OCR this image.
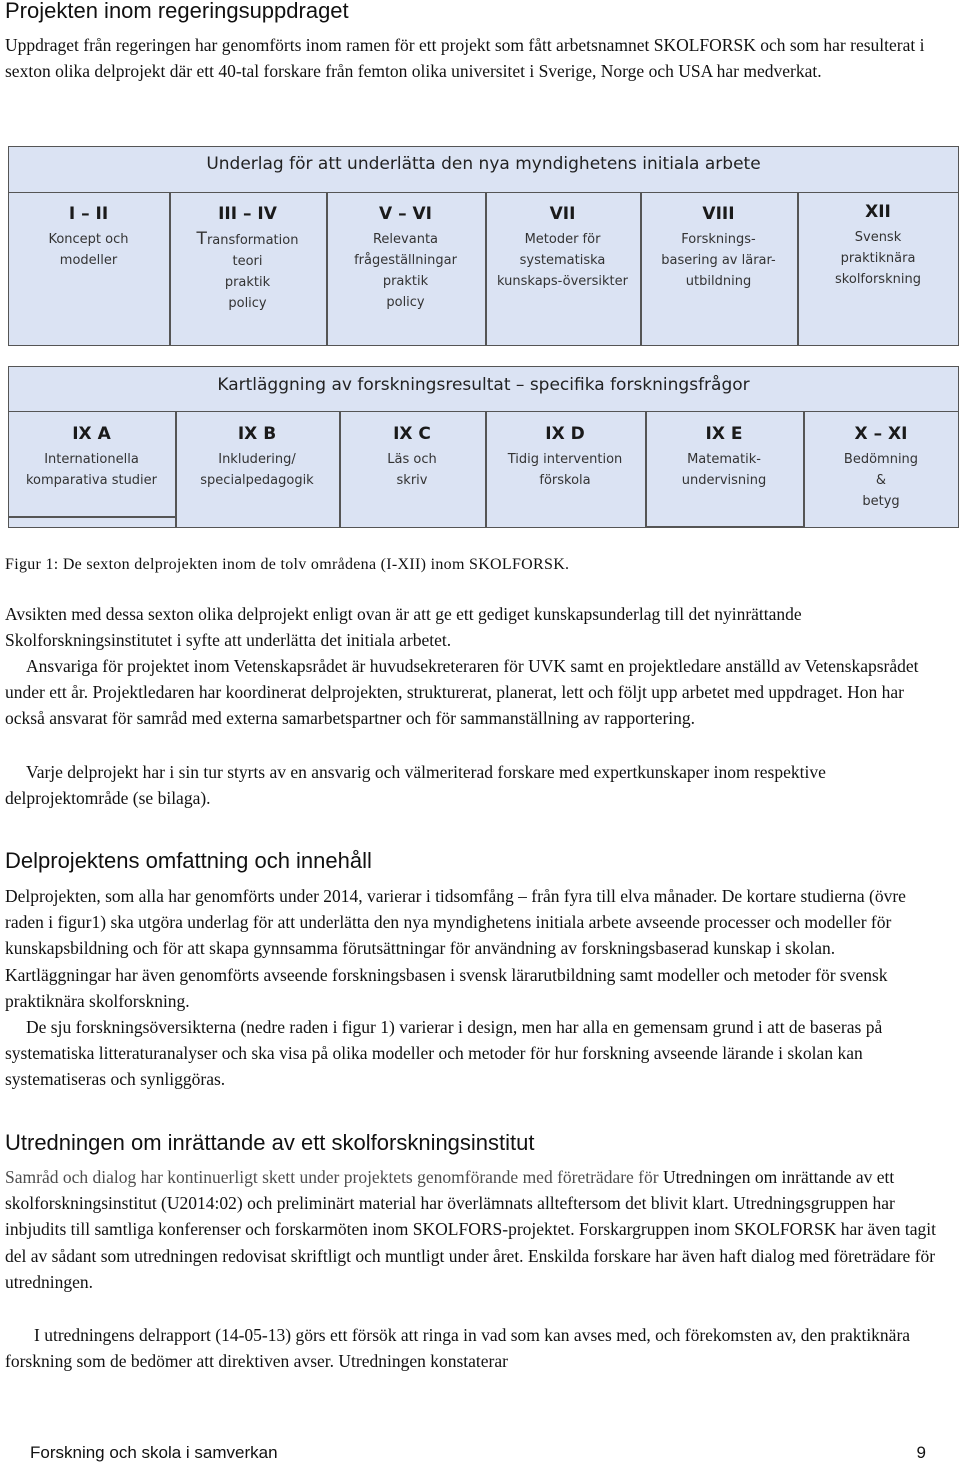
Projekten inom regeringsuppdraget

Uppdraget från regeringen har genomförts inom ramen för ett projekt som fått arbetsnamnet SKOLFORSK och som har resulterat i sexton olika delprojekt där ett 40-tal forskare från femton olika universitet i Sverige, Norge och USA har medverkat.

Underlag för att underlätta den nya myndighetens initiala arbete
I – II
Koncept och
modeller
III – IV
Transformation
teori
praktik
policy
V – VI
Relevanta
frågeställningar
praktik
policy
VII
Metoder för
systematiska
kunskaps-översikter
VIII
Forsknings-
basering av lärar-
utbildning
XII
Svensk
praktiknära
skolforskning
Kartläggning av forskningsresultat – specifika forskningsfrågor
IX A
Internationella
komparativa studier
IX B
Inkludering/
specialpedagogik
IX C
Läs och
skriv
IX D
Tidig intervention
förskola
IX E
Matematik-
undervisning
X – XI
Bedömning
&
betyg
Figur 1: De sexton delprojekten inom de tolv områdena (I-XII) inom SKOLFORSK.

Avsikten med dessa sexton olika delprojekt enligt ovan är att ge ett gediget kunskapsunderlag till det nyinrättande Skolforskningsinstitutet i syfte att underlätta det initiala arbetet.

Ansvariga för projektet inom Vetenskapsrådet är huvudsekreteraren för UVK samt en projektledare anställd av Vetenskapsrådet under ett år. Projektledaren har koordinerat delprojekten, strukturerat, planerat, lett och följt upp arbetet med uppdraget. Hon har också ansvarat för samråd med externa samarbetspartner och för sammanställning av rapportering.

Varje delprojekt har i sin tur styrts av en ansvarig och välmeriterad forskare med expertkunskaper inom respektive delprojektområde (se bilaga).

Delprojektens omfattning och innehåll

Delprojekten, som alla har genomförts under 2014, varierar i tidsomfång – från fyra till elva månader. De kortare studierna (övre raden i figur1) ska utgöra underlag för att underlätta den nya myndighetens initiala arbete avseende processer och modeller för kunskapsbildning och för att skapa gynnsamma förutsättningar för användning av forskningsbaserad kunskap i skolan. Kartläggningar har även genomförts avseende forskningsbasen i svensk lärarutbildning samt modeller och metoder för svensk praktiknära skolforskning.

De sju forskningsöversikterna (nedre raden i figur 1) varierar i design, men har alla en gemensam grund i att de baseras på systematiska litteraturanalyser och ska visa på olika modeller och metoder för hur forskning avseende lärande i skolan kan systematiseras och synliggöras.

Utredningen om inrättande av ett skolforskningsinstitut

Samråd och dialog har kontinuerligt skett under projektets genomförande med företrädare för Utredningen om inrättande av ett skolforskningsinstitut (U2014:02) och preliminärt material har överlämnats allteftersom det blivit klart. Utredningsgruppen har inbjudits till samtliga konferenser och forskarmöten inom SKOLFORS-projektet. Forskargruppen inom SKOLFORSK har även tagit del av sådant som utredningen redovisat skriftligt och muntligt under året. Enskilda forskare har även haft dialog med företrädare för utredningen.

I utredningens delrapport (14-05-13) görs ett försök att ringa in vad som kan avses med, och förekomsten av, den praktiknära forskning som de bedömer att direktiven avser. Utredningen konstaterar

Forskning och skola i samverkan	9
